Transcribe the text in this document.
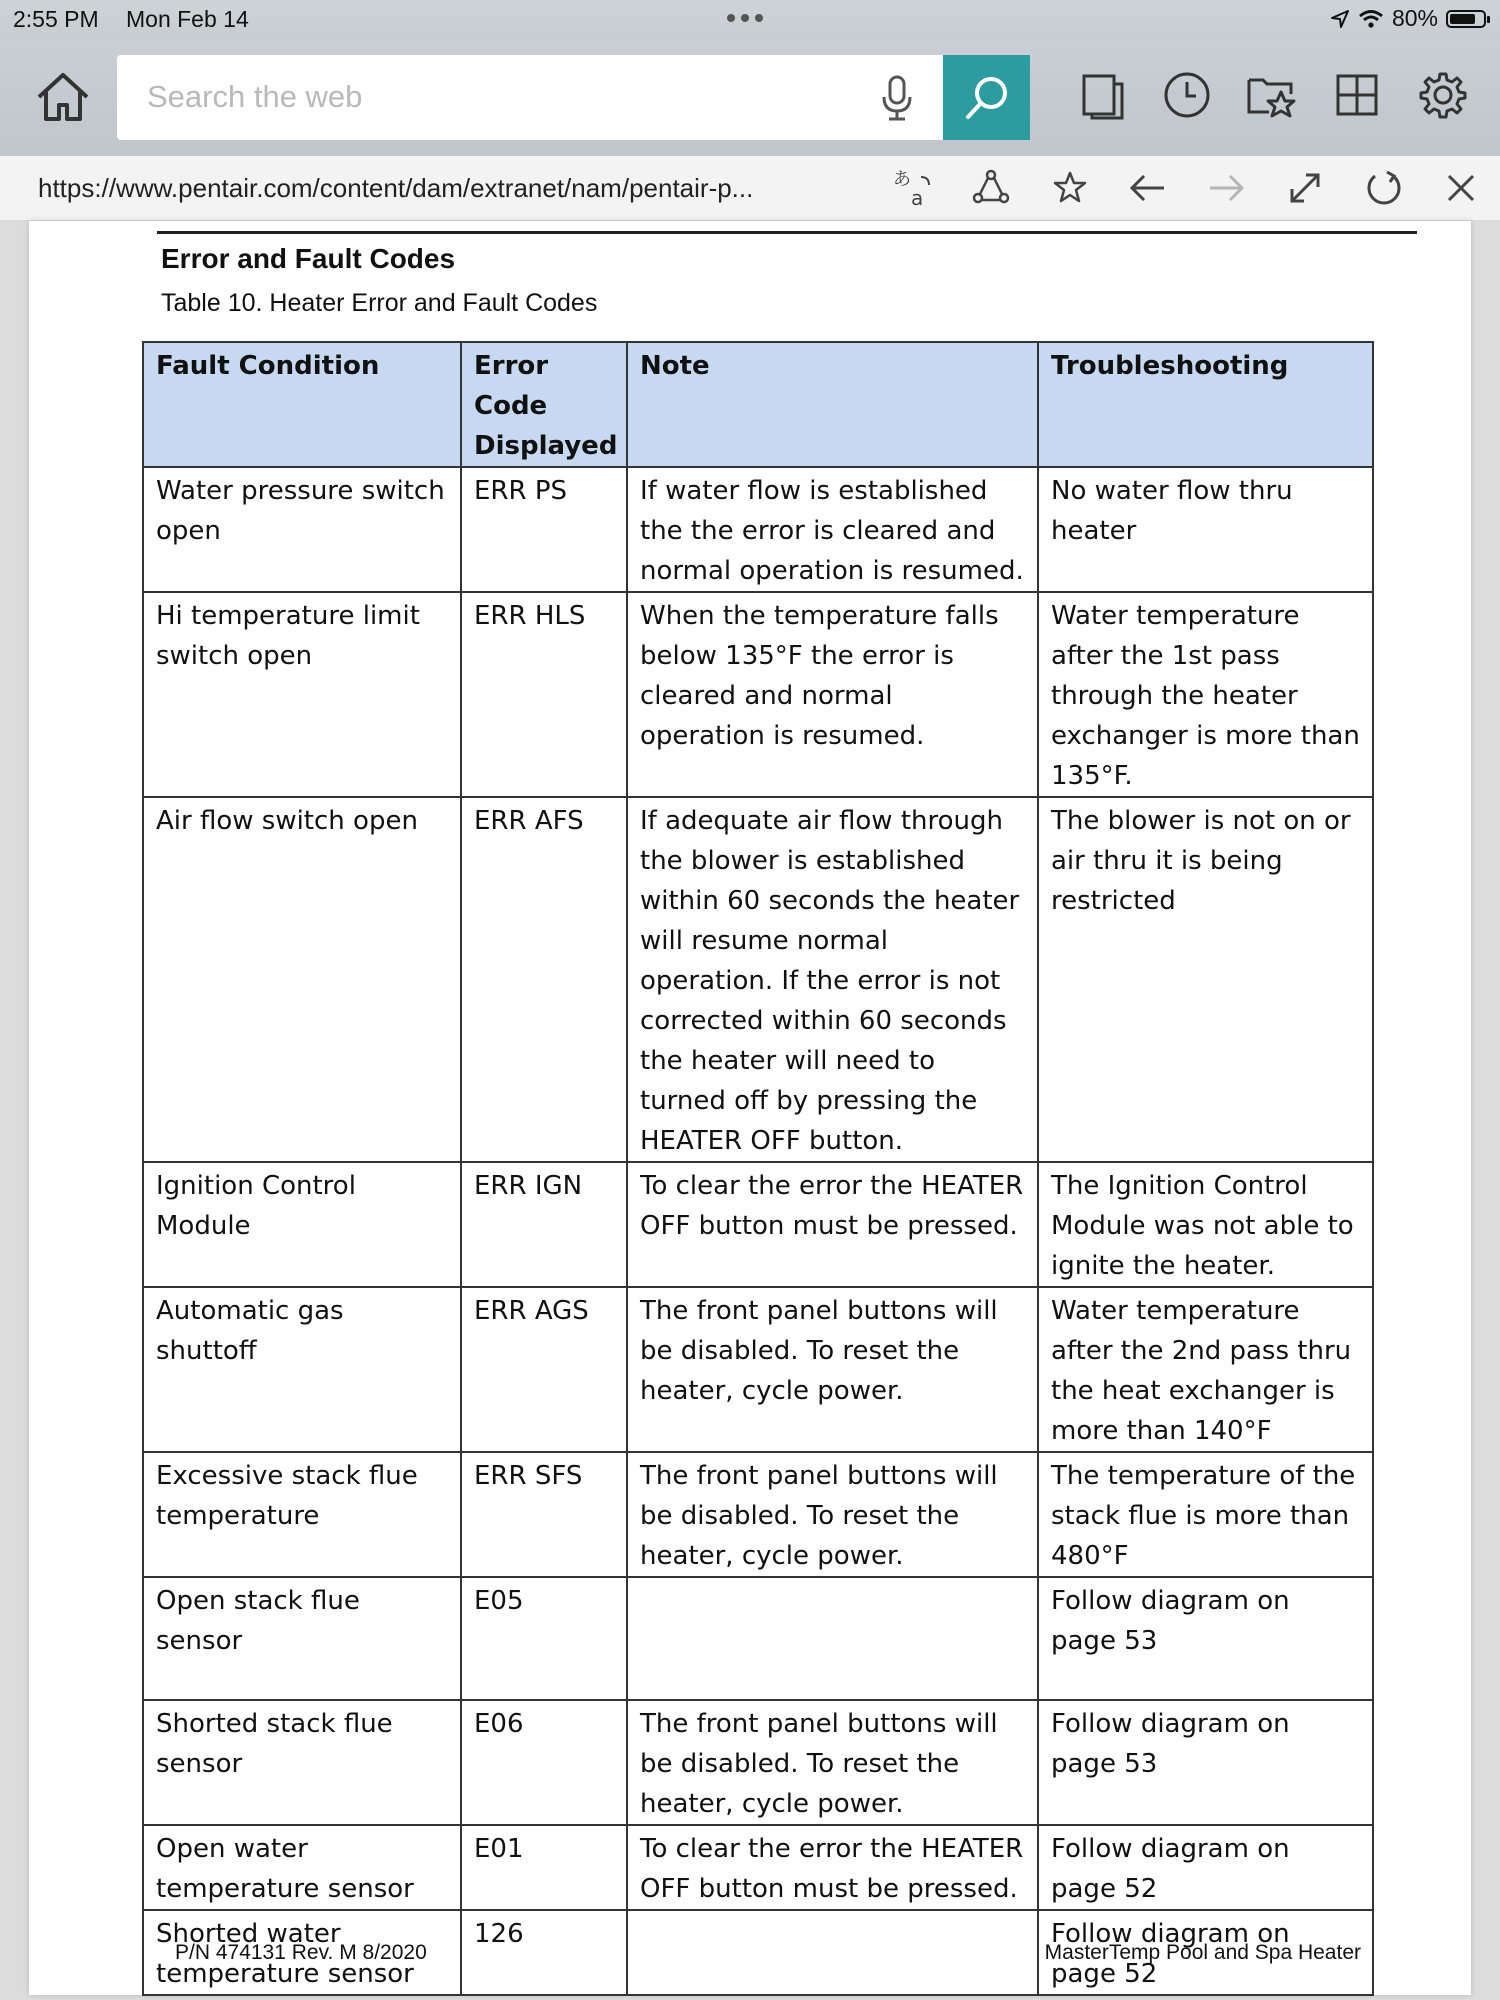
2:55 PM Mon Feb 14	80%
Search the web
https://www.pentair.com/content/dam/extranet/nam/pentair-p...	あ
a
Error and Fault Codes
Table 10. Heater Error and Fault Codes
Fault Condition	Error Code Displayed	Note	Troubleshooting
Water pressure switch open	ERR PS	If water flow is established the the error is cleared and normal operation is resumed.	No water flow thru heater
Hi temperature limit switch open	ERR HLS	When the temperature falls below 135°F the error is cleared and normal operation is resumed.	Water temperature after the 1st pass through the heater exchanger is more than 135°F.
Air flow switch open	ERR AFS	If adequate air flow through the blower is established within 60 seconds the heater will resume normal operation. If the error is not corrected within 60 seconds the heater will need to turned off by pressing the HEATER OFF button.	The blower is not on or air thru it is being restricted
Ignition Control Module	ERR IGN	To clear the error the HEATER OFF button must be pressed.	The Ignition Control Module was not able to ignite the heater.
Automatic gas shuttoff	ERR AGS	The front panel buttons will be disabled. To reset the heater, cycle power.	Water temperature after the 2nd pass thru the heat exchanger is more than 140°F
Excessive stack flue temperature	ERR SFS	The front panel buttons will be disabled. To reset the heater, cycle power.	The temperature of the stack flue is more than 480°F
Open stack flue sensor	E05		Follow diagram on page 53
Shorted stack flue sensor	E06	The front panel buttons will be disabled. To reset the heater, cycle power.	Follow diagram on page 53
Open water temperature sensor	E01	To clear the error the HEATER OFF button must be pressed.	Follow diagram on page 52
Shorted water temperature sensor	126		Follow diagram on page 52
P/N 474131 Rev. M 8/2020	MasterTemp Pool and Spa Heater
